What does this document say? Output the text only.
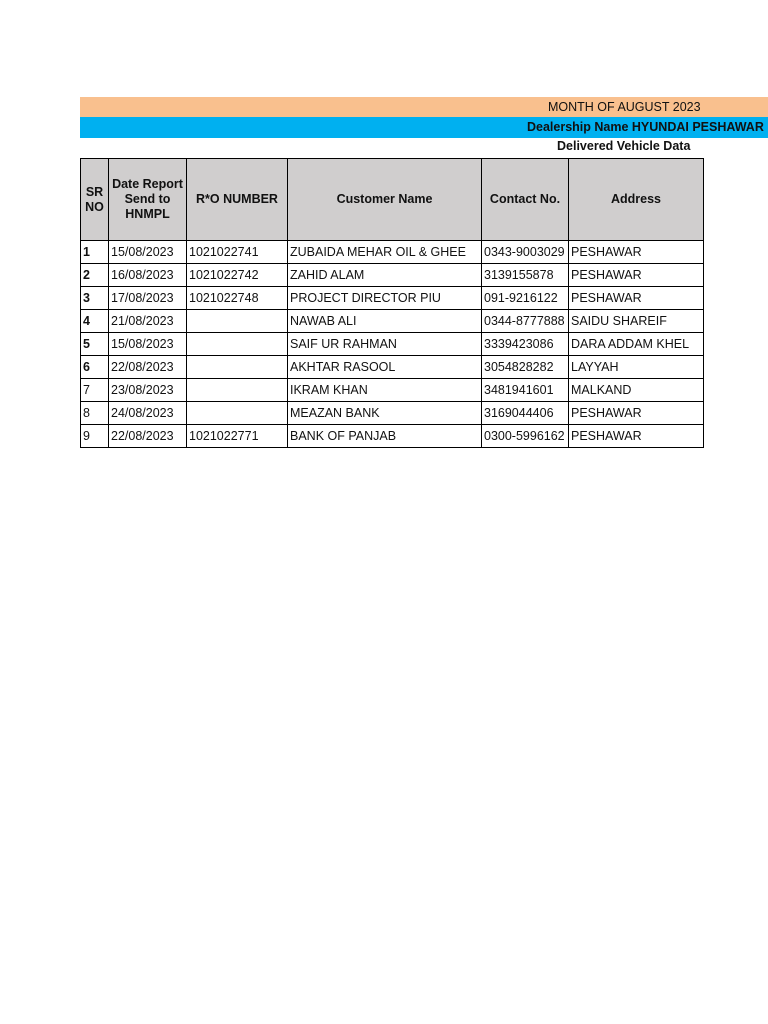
MONTH OF AUGUST 2023
Dealership Name HYUNDAI PESHAWAR
Delivered Vehicle Data
SR NO	Date Report Send to HNMPL	R*O NUMBER	Customer Name	Contact No.	Address
1	15/08/2023	1021022741	ZUBAIDA MEHAR OIL & GHEE	0343-9003029	PESHAWAR
2	16/08/2023	1021022742	ZAHID ALAM	3139155878	PESHAWAR
3	17/08/2023	1021022748	PROJECT DIRECTOR PIU	091-9216122	PESHAWAR
4	21/08/2023		NAWAB ALI	0344-8777888	SAIDU SHAREIF
5	15/08/2023		SAIF UR RAHMAN	3339423086	DARA ADDAM KHEL
6	22/08/2023		AKHTAR RASOOL	3054828282	LAYYAH
7	23/08/2023		IKRAM KHAN	3481941601	MALKAND
8	24/08/2023		MEAZAN BANK	3169044406	PESHAWAR
9	22/08/2023	1021022771	BANK OF PANJAB	0300-5996162	PESHAWAR
